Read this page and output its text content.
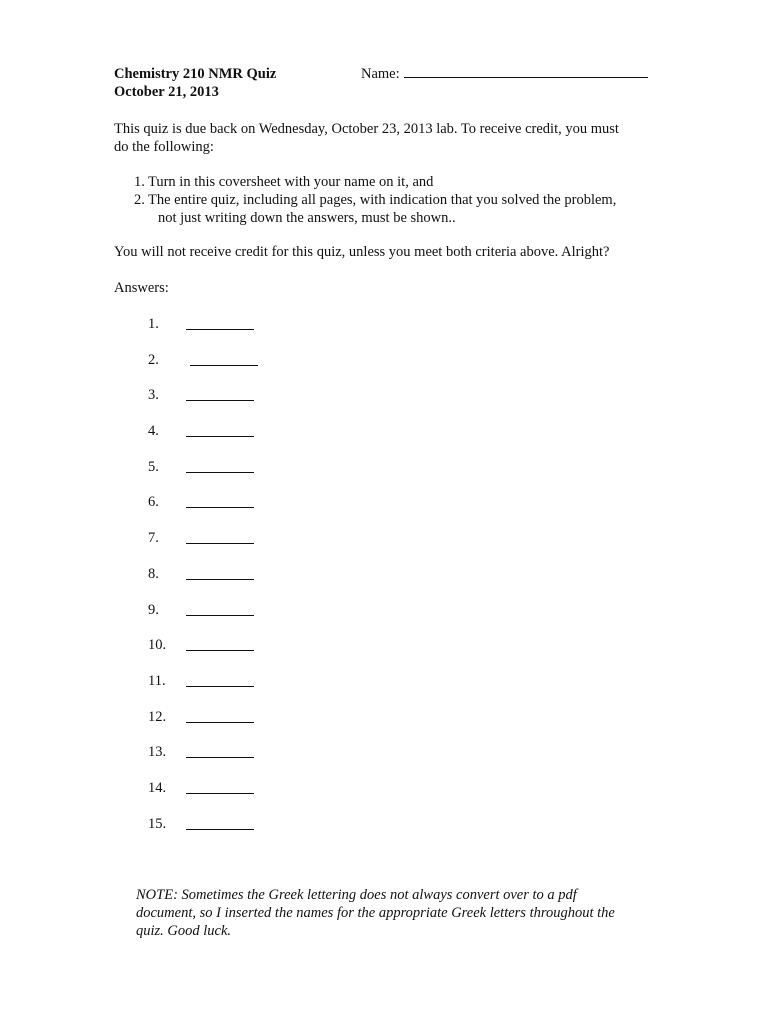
Chemistry 210 NMR Quiz
October 21, 2013
Name:
This quiz is due back on Wednesday, October 23, 2013 lab. To receive credit, you must
do the following:
1. Turn in this coversheet with your name on it, and
2. The entire quiz, including all pages, with indication that you solved the problem,
not just writing down the answers, must be shown..
You will not receive credit for this quiz, unless you meet both criteria above. Alright?
Answers:
1.
2.
3.
4.
5.
6.
7.
8.
9.
10.
11.
12.
13.
14.
15.
NOTE: Sometimes the Greek lettering does not always convert over to a pdf
document, so I inserted the names for the appropriate Greek letters throughout the
quiz. Good luck.
